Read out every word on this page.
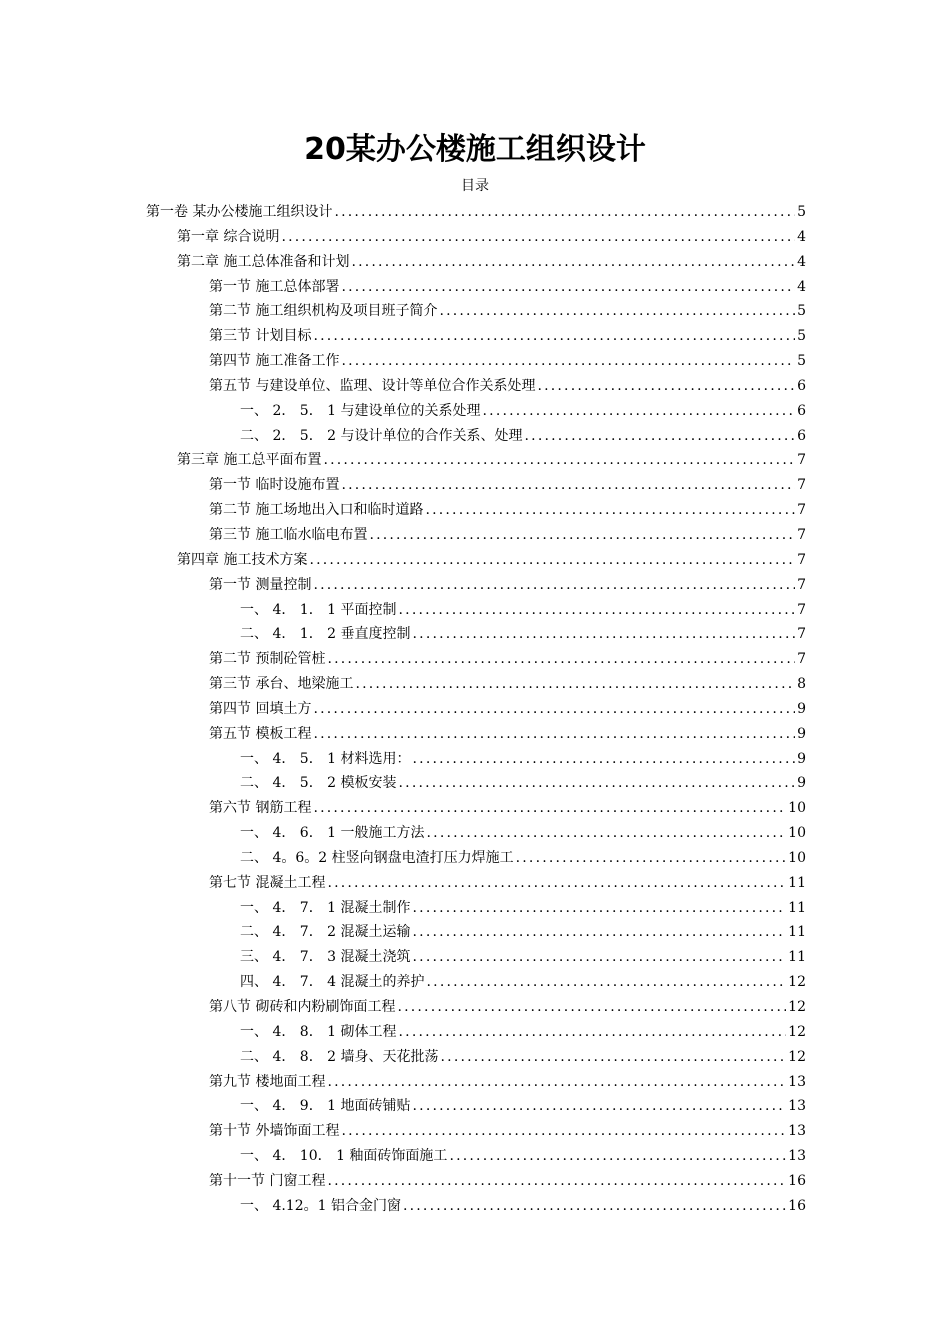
20某办公楼施工组织设计
目录
第一卷 某办公楼施工组织设计 .....	5
第一章 综合说明 .....	4
第二章 施工总体准备和计划 .....	4
第一节 施工总体部署 .....	4
第二节 施工组织机构及项目班子简介 .....	5
第三节 计划目标 .....	5
第四节 施工准备工作 .....	5
第五节 与建设单位、监理、设计等单位合作关系处理 .....	6
一、 2． 5． 1 与建设单位的关系处理 .....	6
二、 2． 5． 2 与设计单位的合作关系、处理 .....	6
第三章 施工总平面布置 .....	7
第一节 临时设施布置 .....	7
第二节 施工场地出入口和临时道路 .....	7
第三节 施工临水临电布置 .....	7
第四章 施工技术方案 .....	7
第一节 测量控制 .....	7
一、 4． 1． 1 平面控制 .....	7
二、 4． 1． 2 垂直度控制 .....	7
第二节 预制砼管桩 .....	7
第三节 承台、地梁施工 .....	8
第四节 回填土方 .....	9
第五节 模板工程 .....	9
一、 4． 5． 1 材料选用： .....	9
二、 4． 5． 2 模板安装 .....	9
第六节 钢筋工程 .....	10
一、 4． 6． 1 一般施工方法 .....	10
二、 4。6。2 柱竖向钢盘电渣打压力焊施工 .....	10
第七节 混凝土工程 .....	11
一、 4． 7． 1 混凝土制作 .....	11
二、 4． 7． 2 混凝土运输 .....	11
三、 4． 7． 3 混凝土浇筑 .....	11
四、 4． 7． 4 混凝土的养护 .....	12
第八节 砌砖和内粉刷饰面工程 .....	12
一、 4． 8． 1 砌体工程 .....	12
二、 4． 8． 2 墙身、天花批荡 .....	12
第九节 楼地面工程 .....	13
一、 4． 9． 1 地面砖铺贴 .....	13
第十节 外墙饰面工程 .....	13
一、 4． 10． 1 釉面砖饰面施工 .....	13
第十一节 门窗工程 .....	16
一、 4.12。1 铝合金门窗 .....	16
